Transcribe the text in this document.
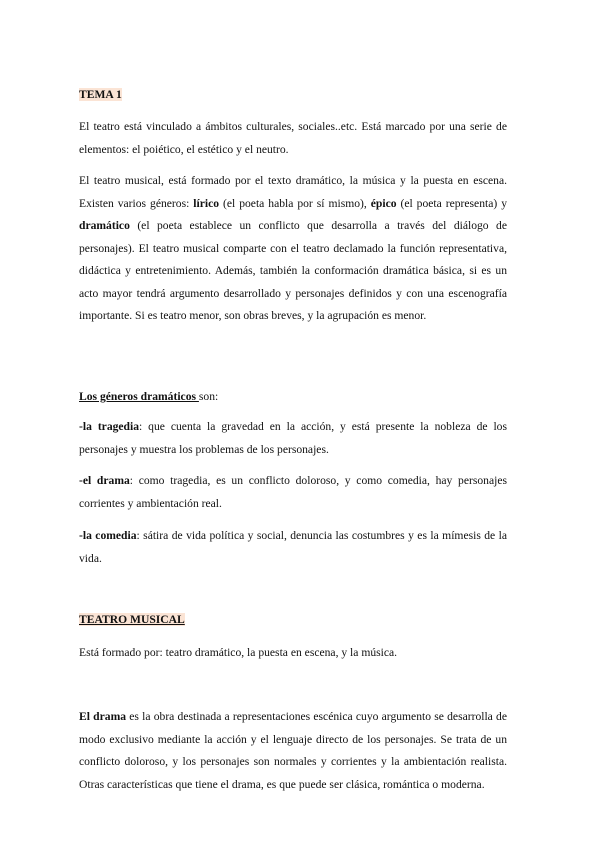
TEMA 1

El teatro está vinculado a ámbitos culturales, sociales..etc. Está marcado por una serie de elementos: el poiético, el estético y el neutro.

El teatro musical, está formado por el texto dramático, la música y la puesta en escena. Existen varios géneros: lírico (el poeta habla por sí mismo), épico (el poeta representa) y dramático (el poeta establece un conflicto que desarrolla a través del diálogo de personajes). El teatro musical comparte con el teatro declamado la función representativa, didáctica y entretenimiento. Además, también la conformación dramática básica, si es un acto mayor tendrá argumento desarrollado y personajes definidos y con una escenografía importante. Si es teatro menor, son obras breves, y la agrupación es menor.

Los géneros dramáticos son:

-la tragedia: que cuenta la gravedad en la acción, y está presente la nobleza de los personajes y muestra los problemas de los personajes.

-el drama: como tragedia, es un conflicto doloroso, y como comedia, hay personajes corrientes y ambientación real.

-la comedia: sátira de vida política y social, denuncia las costumbres y es la mímesis de la vida.

TEATRO MUSICAL

Está formado por: teatro dramático, la puesta en escena, y la música.

El drama es la obra destinada a representaciones escénica cuyo argumento se desarrolla de modo exclusivo mediante la acción y el lenguaje directo de los personajes. Se trata de un conflicto doloroso, y los personajes son normales y corrientes y la ambientación realista. Otras características que tiene el drama, es que puede ser clásica, romántica o moderna.
